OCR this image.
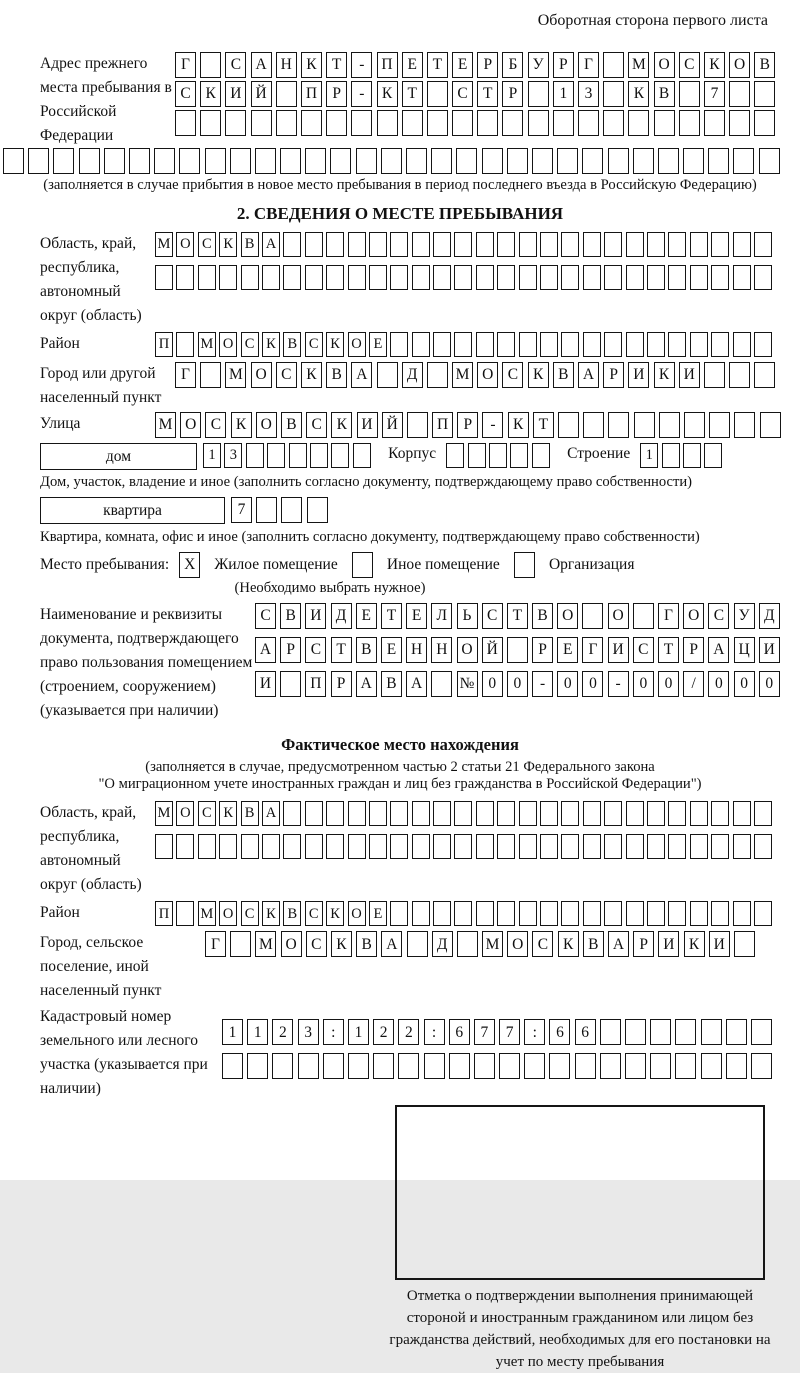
Оборотная сторона первого листа
Адрес прежнего места пребывания в Российской Федерации
Г	С А Н К Т	-	П Е	Т	Е	Р	Б У Р	Г	М О С К О В
С К И Й	П Р	-	К Т	С Т	Р	1	3	К В	7
(заполняется в случае прибытия в новое место пребывания в период последнего въезда в Российскую Федерацию)
2. СВЕДЕНИЯ О МЕСТЕ ПРЕБЫВАНИЯ
Область, край, республика, автономный округ (область)
М О С К В А
Район	П М О С К В С К О Е
Город или другой населенный пункт
Г	М О С К В А	Д	М О С К В А Р И К И
Улица	М О С К О В С К И Й	П Р	-	К Т
дом	1 3	Корпус	Строение	1
Дом, участок, владение и иное (заполнить согласно документу, подтверждающему право собственности)
квартира	7
Квартира, комната, офис и иное (заполнить согласно документу, подтверждающему право собственности)
Место пребывания: X	Жилое помещение	Иное помещение	Организация
(Необходимо выбрать нужное)
Наименование и реквизиты документа, подтверждающего право пользования помещением (строением, сооружением) (указывается при наличии)
С В И Д Е	Т	Е Л Ь	С Т В О	О	Г О С У Д
А Р	С Т В Е Н Н О Й	Р	Е	Г И С Т	Р А Ц И
И	П Р А В А	№ 0	0	-	0	0	-	0	0	/	0	0	0
Фактическое место нахождения
(заполняется в случае, предусмотренном частью 2 статьи 21 Федерального закона
"О миграционном учете иностранных граждан и лиц без гражданства в Российской Федерации")
Область, край, республика, автономный округ (область)
М О С К В А
Район	П М О С К В С К О Е
Город, сельское поселение, иной населенный пункт
Г	М О С К В А	Д	М О С К В А Р И К И
Кадастровый номер земельного или лесного участка (указывается при наличии)
1	1	2	3	:	1	2	2	:	6	7	7	:	6	6
Отметка о подтверждении выполнения принимающей стороной и иностранным гражданином или лицом без гражданства действий, необходимых для его постановки на учет по месту пребывания
